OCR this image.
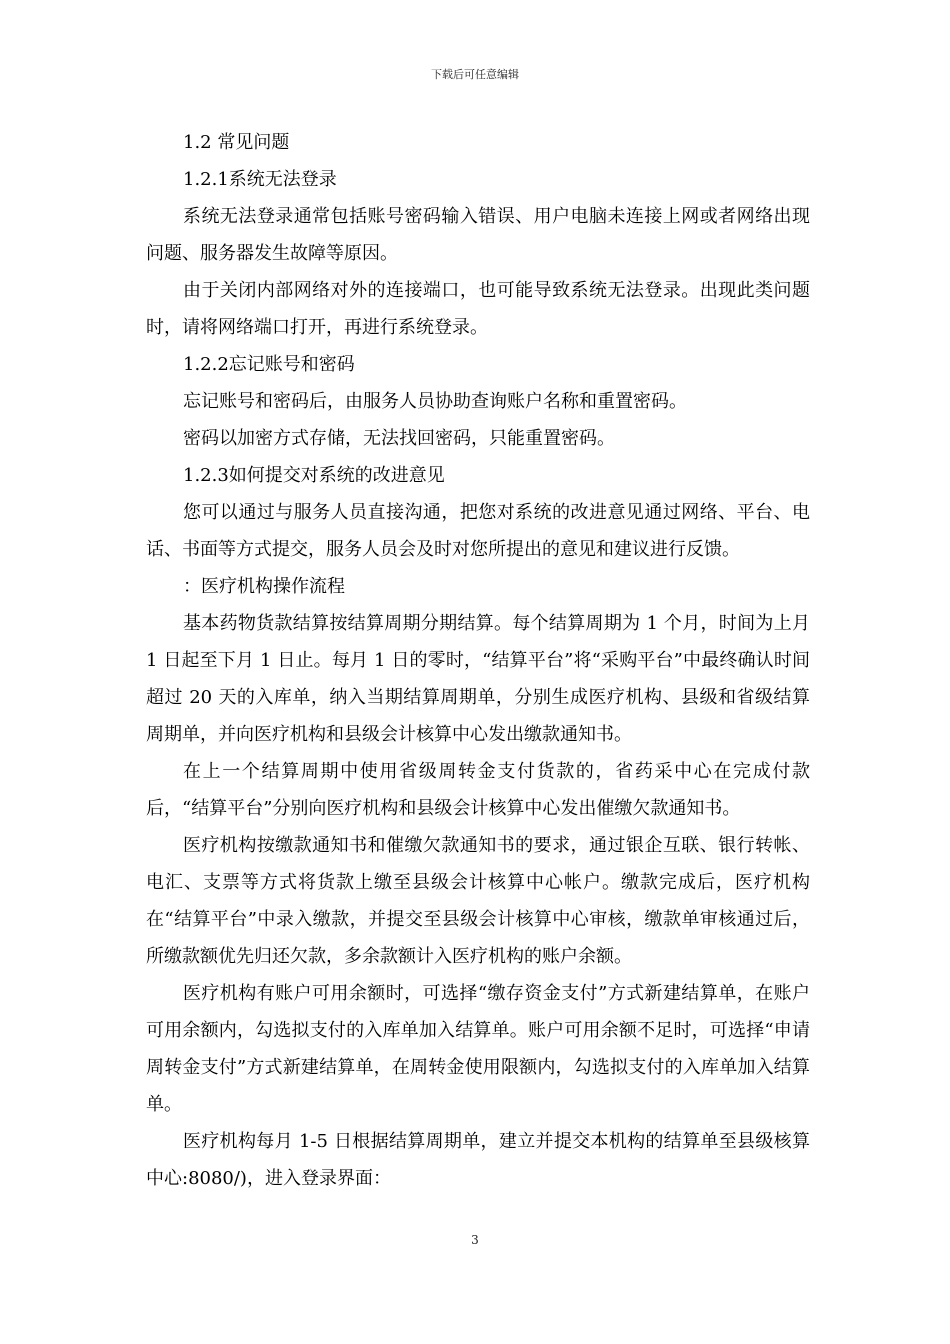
下载后可任意编辑

1.2 常见问题

1.2.1系统无法登录

系统无法登录通常包括账号密码输入错误、用户电脑未连接上网或者网络出现问题、服务器发生故障等原因。

由于关闭内部网络对外的连接端口，也可能导致系统无法登录。出现此类问题时，请将网络端口打开，再进行系统登录。

1.2.2忘记账号和密码

忘记账号和密码后，由服务人员协助查询账户名称和重置密码。

密码以加密方式存储，无法找回密码，只能重置密码。

1.2.3如何提交对系统的改进意见

您可以通过与服务人员直接沟通，把您对系统的改进意见通过网络、平台、电话、书面等方式提交，服务人员会及时对您所提出的意见和建议进行反馈。

：医疗机构操作流程

基本药物货款结算按结算周期分期结算。每个结算周期为 1 个月，时间为上月 1 日起至下月 1 日止。每月 1 日的零时，“结算平台”将“采购平台”中最终确认时间超过 20 天的入库单，纳入当期结算周期单，分别生成医疗机构、县级和省级结算周期单，并向医疗机构和县级会计核算中心发出缴款通知书。

在上一个结算周期中使用省级周转金支付货款的，省药采中心在完成付款后，“结算平台”分别向医疗机构和县级会计核算中心发出催缴欠款通知书。

医疗机构按缴款通知书和催缴欠款通知书的要求，通过银企互联、银行转帐、电汇、支票等方式将货款上缴至县级会计核算中心帐户。缴款完成后，医疗机构在“结算平台”中录入缴款，并提交至县级会计核算中心审核，缴款单审核通过后，所缴款额优先归还欠款，多余款额计入医疗机构的账户余额。

医疗机构有账户可用余额时，可选择“缴存资金支付”方式新建结算单，在账户可用余额内，勾选拟支付的入库单加入结算单。账户可用余额不足时，可选择“申请周转金支付”方式新建结算单，在周转金使用限额内，勾选拟支付的入库单加入结算单。

医疗机构每月 1-5 日根据结算周期单，建立并提交本机构的结算单至县级核算中心:8080/)，进入登录界面：

3
